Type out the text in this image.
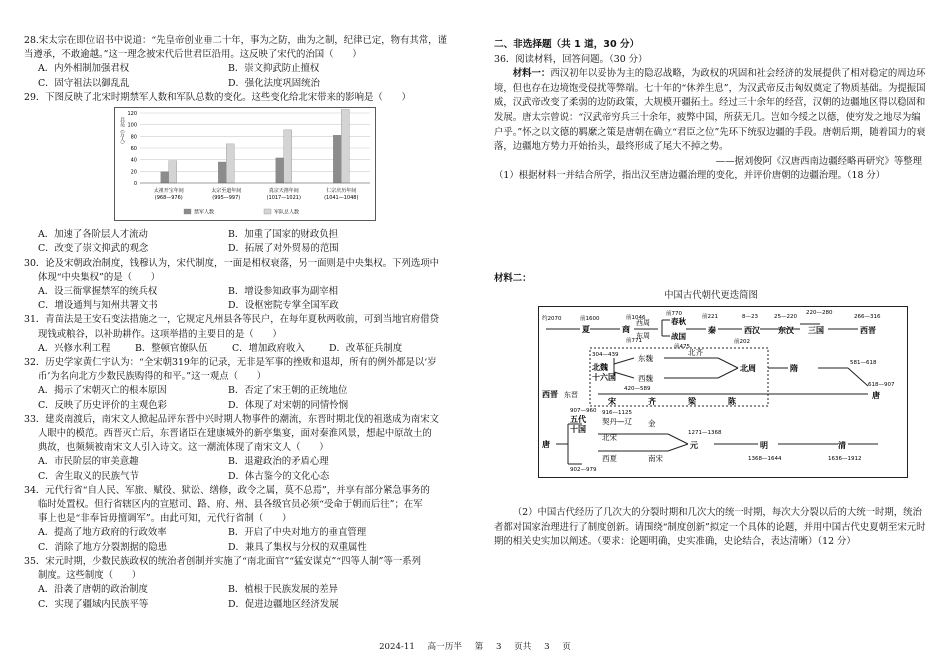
28.宋太宗在即位诏书中说道：“先皇帝创业垂二十年，事为之防，曲为之制，纪律已定，物有其常，谨当遵承，不敢逾越。”这一理念被宋代后世君臣沿用。这反映了宋代的治国（　　）
A．内外相制加强君权	B．崇文抑武防止擅权
C．固守祖法以御乱乱	D．强化法度巩固统治
29．下图反映了北宋时期禁军人数和军队总数的变化。这些变化给北宋带来的影响是（　　）
0
20
40
60
80
100
120
兵员（万人）
太祖开宝年间
(968—976)
太宗至道年间
(995—997)
真宗天禧年间
(1017—1021)
仁宗庆历年间
(1041—1048)
禁军人数	军队总人数
A．加速了各阶层人才流动	B．加重了国家的财政负担
C．改变了崇文抑武的观念	D．拓展了对外贸易的范围
30．论及宋朝政治制度，钱穆认为，宋代制度，一面是相权衰落，另一面则是中央集权。下列选项中
体现“中央集权”的是（　　）
A．设三衙掌握禁军的统兵权	B．增设参知政事为副宰相
C．增设通判与知州共署文书	D．设枢密院专掌全国军政
31．青苗法是王安石变法措施之一，它规定凡州县各等民户，在每年夏秋两收前，可到当地官府借贷
现钱或粮谷，以补助耕作。这项举措的主要目的是（　　）
A．兴修水利工程	B．整顿官僚队伍	C．增加政府收入	D．改革征兵制度
32．历史学家黄仁宇认为：“全宋朝319年的记录，无非是军事的挫败和退却，所有的例外都是以‘岁
币’为名向北方少数民族购得的和平。”这一观点（　　）
A．揭示了宋朝灭亡的根本原因	B．否定了宋王朝的正统地位
C．反映了历史评价的主观色彩	D．体现了对宋朝的同情怜悯
33．建炎南渡后，南宋文人掀起品评东晋中兴时期人物事件的潮流，东晋时期北伐的祖逖成为南宋文
人眼中的模范。西晋灭亡后，东晋诸臣在建康城外的新亭集宴，面对秦淮风景，想起中原故土的
典故，也频频被南宋文人引入诗文。这一潮流体现了南宋文人（　　）
A．市民阶层的审美意趣	B．退避政治的矛盾心理
C．舍生取义的民族气节	D．体古鉴今的文化心态
34．元代行省“自人民、军旅、赋役、狱讼、缮修，政令之属，莫不总焉”，并享有部分紧急事务的
临时处置权。但行省辖区内的宣慰司、路、府、州、县各级官员必须“受命于朝而后往”；在军
事上也是“非奉旨毋擅调军”。由此可知，元代行省制（　　）
A．提高了地方政府的行政效率	B．开启了中央对地方的垂直管理
C．消除了地方分裂割据的隐患	D．兼具了集权与分权的双重属性
35．宋元时期，少数民族政权的统治者创制并实施了“南北面官”“猛安谋克”“四等人制”等一系列
制度。这些制度（　　）
A．沿袭了唐朝的政治制度	B．植根于民族发展的差异
C．实现了疆域内民族平等	D．促进边疆地区经济发展
二、非选择题（共 1 道，30 分）
36．阅读材料，回答问题。（30 分）
材料一：西汉初年以妥协为主的隐忍战略，为政权的巩固和社会经济的发展提供了相对稳定的周边环境，但也存在边境饱受侵扰等弊端。七十年的“休养生息”，为汉武帝反击匈奴奠定了物质基础。为提振国威，汉武帝改变了柔弱的边防政策，大规模开疆拓土。经过三十余年的经营，汉朝的边疆地区得以稳固和发展。唐太宗曾说：“汉武帝穷兵三十余年，疲弊中国，所获无几。岂如今绥之以德，使穷发之地尽为编户乎。”怀之以文德的羁縻之策是唐朝在确立“君臣之位”先环下统驭边疆的手段。唐朝后期，随着国力的衰落，边疆地方势力开始抬头，最终形成了尾大不掉之势。
——据刘俊阿《汉唐西南边疆经略再研究》等整理
（1）根据材料一并结合所学，指出汉至唐边疆治理的变化，并评价唐朝的边疆治理。（18 分）
材料二：
中国古代朝代更迭简图
约2070	前1600	前1046
前771
前770
前475
前221	8—23	25—220
220—280
前202
266—316
夏	商
西周
东周
春秋
战国
秦	西汉 东汉 三国	西晋
304—439
北魏
十六国
东魏
西魏
北齐
北周	隋
581—618
西晋 东晋
420—589
宋	齐	梁	陈
唐
618—907
唐
907—960
五代
十国
902—979
916—1125
契丹—辽
北宋
西夏
金
南宋
元
1271—1368
明	清
1368—1644	1636—1912
（2）中国古代经历了几次大的分裂时期和几次大的统一时期，每次大分裂以后的大统一时期，统治者都对国家治理进行了制度创新。请围绕“制度创新”拟定一个具体的论题，并用中国古代史夏朝至宋元时期的相关史实加以阐述。（要求：论题明确，史实准确，史论结合，表达清晰）（12 分）
2024-11 高一历半 第 3 页共 3 页
